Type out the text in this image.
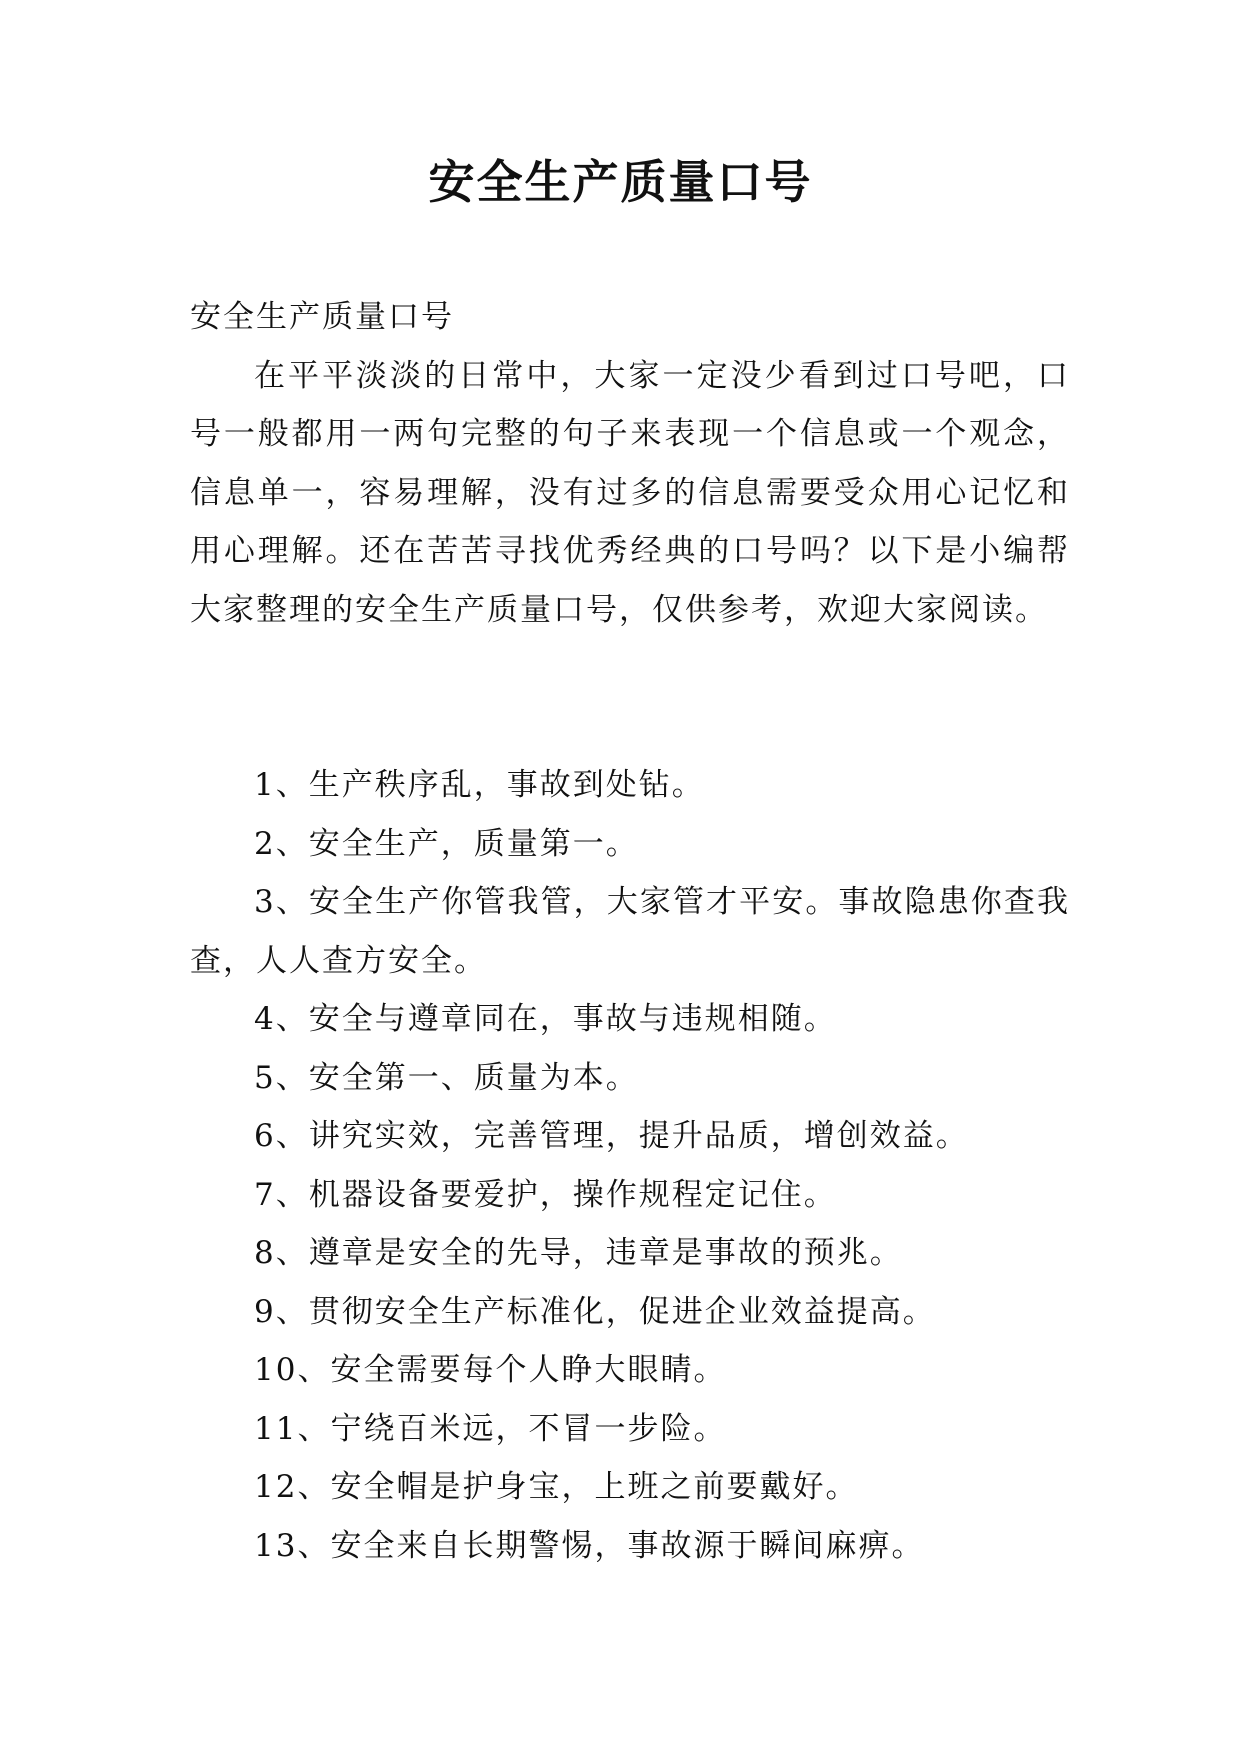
安全生产质量口号

安全生产质量口号

在平平淡淡的日常中，大家一定没少看到过口号吧，口号一般都用一两句完整的句子来表现一个信息或一个观念，信息单一，容易理解，没有过多的信息需要受众用心记忆和用心理解。还在苦苦寻找优秀经典的口号吗？以下是小编帮大家整理的安全生产质量口号，仅供参考，欢迎大家阅读。

1、生产秩序乱，事故到处钻。

2、安全生产，质量第一。

3、安全生产你管我管，大家管才平安。事故隐患你查我查，人人查方安全。

4、安全与遵章同在，事故与违规相随。

5、安全第一、质量为本。

6、讲究实效，完善管理，提升品质，增创效益。

7、机器设备要爱护，操作规程定记住。

8、遵章是安全的先导，违章是事故的预兆。

9、贯彻安全生产标准化，促进企业效益提高。

10、安全需要每个人睁大眼睛。

11、宁绕百米远，不冒一步险。

12、安全帽是护身宝，上班之前要戴好。

13、安全来自长期警惕，事故源于瞬间麻痹。
